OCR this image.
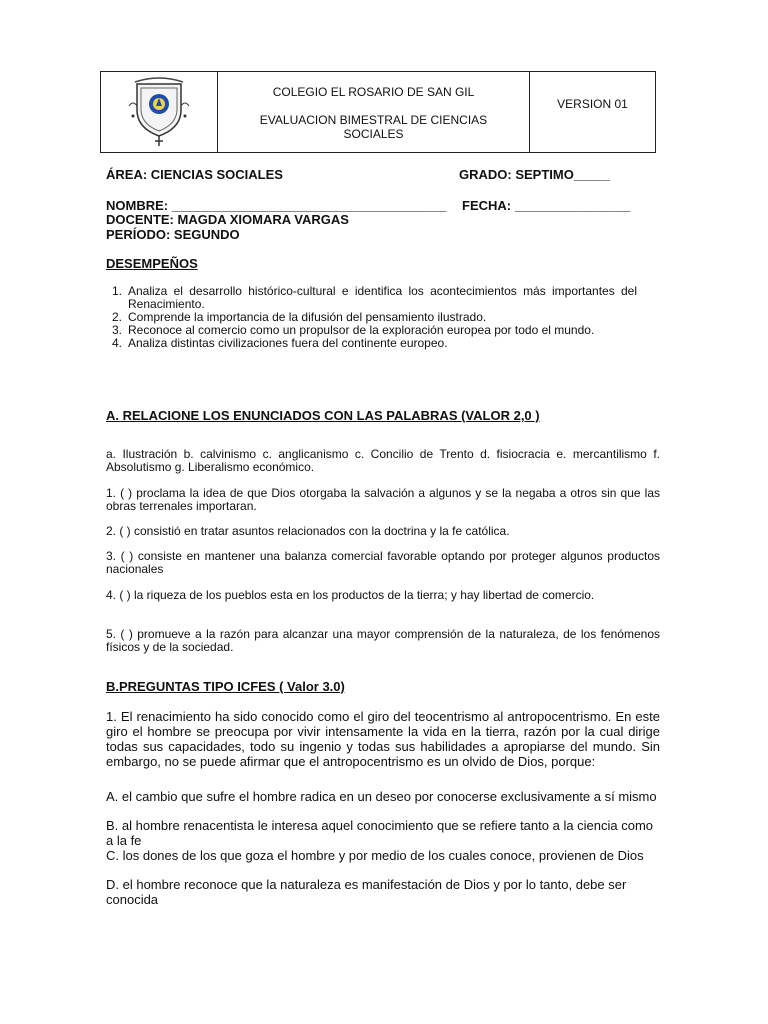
COLEGIO EL ROSARIO DE SAN GIL
EVALUACION BIMESTRAL DE CIENCIAS SOCIALES
VERSION 01
ÁREA: CIENCIAS SOCIALES	GRADO: SEPTIMO_____
NOMBRE: ______________________________________	FECHA: ________________
DOCENTE: MAGDA XIOMARA VARGAS
PERÍODO: SEGUNDO
DESEMPEÑOS
1. Analiza el desarrollo histórico-cultural e identifica los acontecimientos más importantes del Renacimiento.
2. Comprende la importancia de la difusión del pensamiento ilustrado.
3. Reconoce al comercio como un propulsor de la exploración europea por todo el mundo.
4. Analiza distintas civilizaciones fuera del continente europeo.
A. RELACIONE LOS ENUNCIADOS CON LAS PALABRAS (VALOR 2,0 )
a. Ilustración b. calvinismo c. anglicanismo c. Concilio de Trento d. fisiocracia e. mercantilismo f. Absolutismo g. Liberalismo económico.
1. ( ) proclama la idea de que Dios otorgaba la salvación a algunos y se la negaba a otros sin que las obras terrenales importaran.
2. ( ) consistió en tratar asuntos relacionados con la doctrina y la fe católica.
3. ( ) consiste en mantener una balanza comercial favorable optando por proteger algunos productos nacionales
4. ( ) la riqueza de los pueblos esta en los productos de la tierra; y hay libertad de comercio.
5. ( ) promueve a la razón para alcanzar una mayor comprensión de la naturaleza, de los fenómenos físicos y de la sociedad.
B.PREGUNTAS TIPO ICFES ( Valor 3.0)
1. El renacimiento ha sido conocido como el giro del teocentrismo al antropocentrismo. En este giro el hombre se preocupa por vivir intensamente la vida en la tierra, razón por la cual dirige todas sus capacidades, todo su ingenio y todas sus habilidades a apropiarse del mundo. Sin embargo, no se puede afirmar que el antropocentrismo es un olvido de Dios, porque:
A. el cambio que sufre el hombre radica en un deseo por conocerse exclusivamente a sí mismo
B. al hombre renacentista le interesa aquel conocimiento que se refiere tanto a la ciencia como a la fe
C. los dones de los que goza el hombre y por medio de los cuales conoce, provienen de Dios
D. el hombre reconoce que la naturaleza es manifestación de Dios y por lo tanto, debe ser conocida
